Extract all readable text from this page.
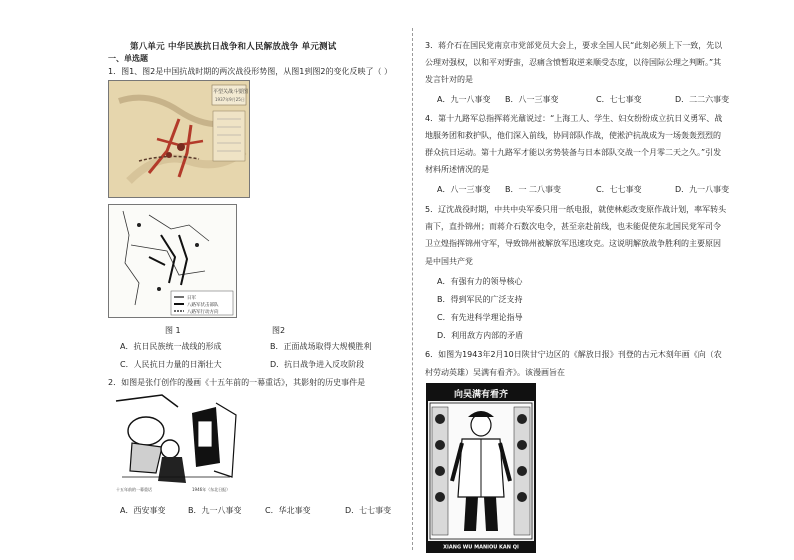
第八单元 中华民族抗日战争和人民解放战争 单元测试
一、单选题
1．图1、图2是中国抗战时期的两次战役形势图，从图1到图2的变化反映了（ ）
平型关战斗要图
1937年9月25日
日军
八路军伏击部队
八路军行动方向
图 1	图2
A．抗日民族统一战线的形成	B．正面战场取得大规模胜利
C．人民抗日力量的日渐壮大	D．抗日战争进入反攻阶段
2．如图是张仃创作的漫画《十五年前的一幕重话》，其影射的历史事件是
十五年前的一幕重话	1946年（东北日报）
A．西安事变	B．九一八事变	C．华北事变	D．七七事变
3．蒋介石在国民党南京市党部党员大会上，要求全国人民“此刻必须上下一致，先以
公理对强权，以和平对野蛮，忍痛含愤暂取逆来顺受态度，以待国际公理之判断。”其
发言针对的是
A．九一八事变 B．八一三事变	C．七七事变	D．二二六事变
4．第十九路军总指挥蒋光鼐说过：“上海工人、学生、妇女纷纷成立抗日义勇军、战
地服务团和救护队，他们深入前线，协同部队作战，使淞沪抗战成为一场轰轰烈烈的
群众抗日运动。第十九路军才能以劣势装备与日本部队交战一个月零二天之久。”引发
材料所述情况的是
A．八一三事变 B．一 二八事变	C．七七事变	D．九一八事变
5．辽沈战役时期，中共中央军委只用一纸电报，就使林彪改变原作战计划，率军转头
南下，直扑锦州；而蒋介石数次电令，甚至亲赴前线，也未能促使东北国民党军司令
卫立煌指挥锦州守军，导致锦州被解放军迅速攻克。这说明解放战争胜利的主要原因
是中国共产党
A．有强有力的领导核心
B．得到军民的广泛支持
C．有先进科学理论指导
D．利用敌方内部的矛盾
6．如图为1943年2月10日陕甘宁边区的《解放日报》刊登的古元木刻年画《向（农
村劳动英雄）吴满有看齐》。该漫画旨在
向吴满有看齐
XIANG WU MANIOU KAN QI
